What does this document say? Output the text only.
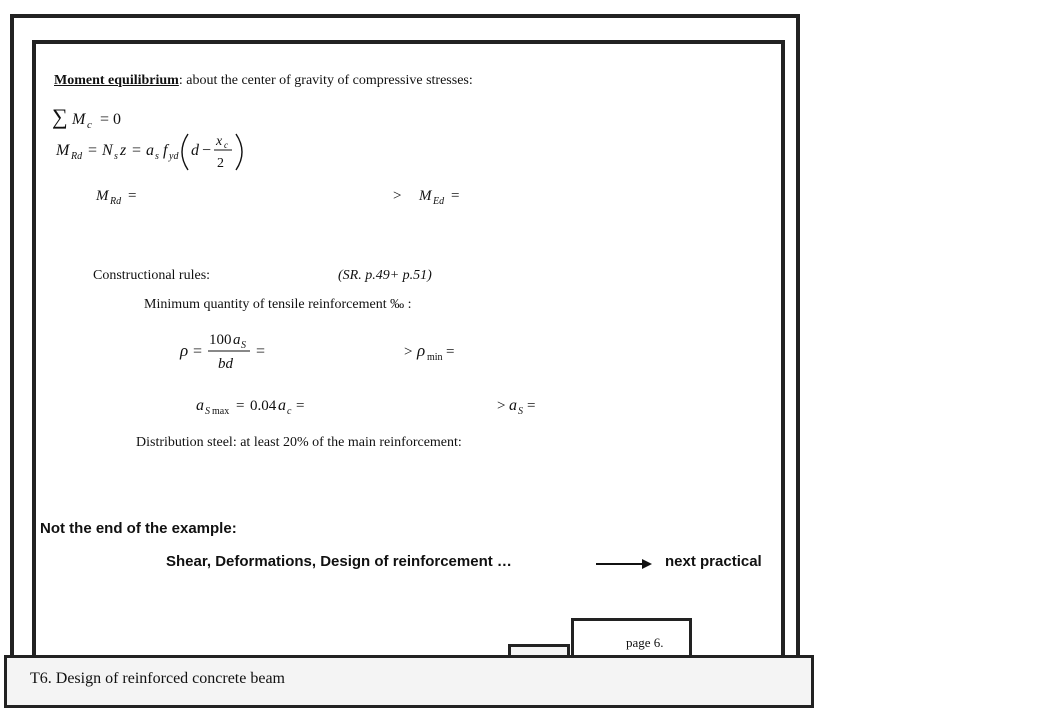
Moment equilibrium: about the center of gravity of compressive stresses:
∑ M c = 0
M Rd = N s z = a s f yd d −
x c
2
M Rd =	> M Ed =
Constructional rules:	(SR. p.49+ p.51)
Minimum quantity of tensile reinforcement ‰ :
ρ =
100 a S
bd
=	> ρ min =
a S max = 0.04 a c =	> a S =
Distribution steel: at least 20% of the main reinforcement:
Not the end of the example:
Shear, Deformations, Design of reinforcement …	next practical
page 6.
T6. Design of reinforced concrete beam
